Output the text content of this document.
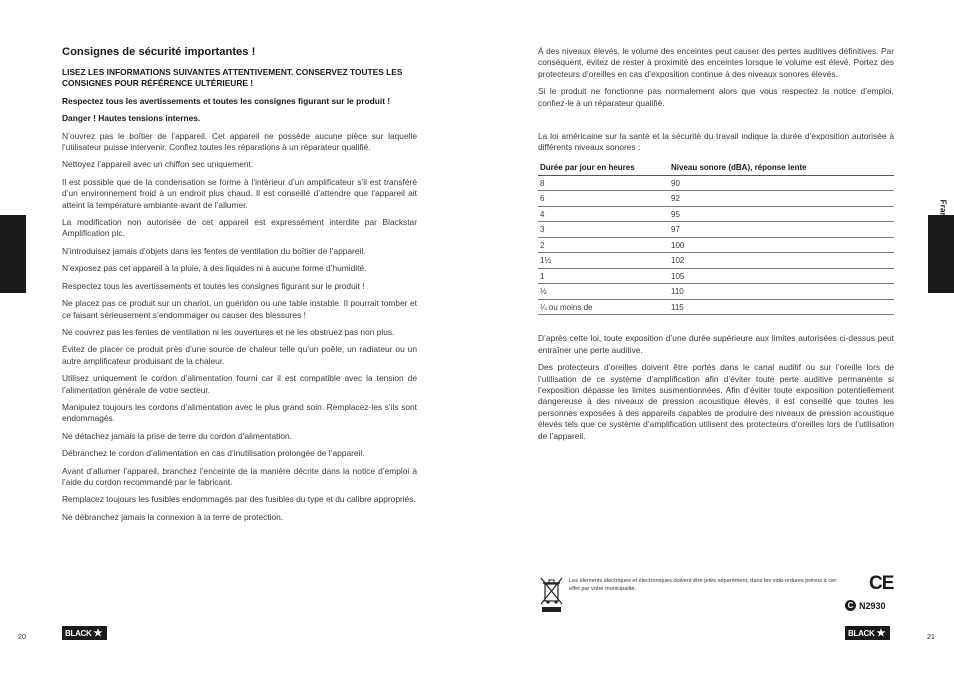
Français
Consignes de sécurité importantes !
LISEZ LES INFORMATIONS SUIVANTES ATTENTIVEMENT. CONSERVEZ TOUTES LES CONSIGNES POUR RÉFÉRENCE ULTÉRIEURE !
Respectez tous les avertissements et toutes les consignes figurant sur le produit !
Danger ! Hautes tensions internes.

N’ouvrez pas le boîtier de l’appareil. Cet appareil ne possède aucune pièce sur laquelle l’utilisateur puisse intervenir. Confiez toutes les réparations à un réparateur qualifié.

Nettoyez l’appareil avec un chiffon sec uniquement.

Il est possible que de la condensation se forme à l’intérieur d’un amplificateur s’il est transféré d’un environnement froid à un endroit plus chaud. Il est conseillé d’attendre que l’appareil ait atteint la température ambiante avant de l’allumer.

La modification non autorisée de cet appareil est expressément interdite par Blackstar Amplification plc.

N’introduisez jamais d’objets dans les fentes de ventilation du boîtier de l’appareil.

N’exposez pas cet appareil à la pluie, à des liquides ni à aucune forme d’humidité.

Respectez tous les avertissements et toutes les consignes figurant sur le produit !

Ne placez pas ce produit sur un chariot, un guéridon ou une table instable. Il pourrait tomber et ce faisant sérieusement s’endommager ou causer des blessures !

Ne couvrez pas les fentes de ventilation ni les ouvertures et ne les obstruez pas non plus.

Évitez de placer ce produit près d’une source de chaleur telle qu’un poêle, un radiateur ou un autre amplificateur produisant de la chaleur.

Utilisez uniquement le cordon d’alimentation fourni car il est compatible avec la tension de l’alimentation générale de votre secteur.

Manipulez toujours les cordons d’alimentation avec le plus grand soin. Remplacez-les s’ils sont endommagés.

Ne détachez jamais la prise de terre du cordon d’alimentation.

Débranchez le cordon d’alimentation en cas d’inutilisation prolongée de l’appareil.

Avant d’allumer l’appareil, branchez l’enceinte de la manière décrite dans la notice d’emploi à l’aide du cordon recommandé par le fabricant.

Remplacez toujours les fusibles endommagés par des fusibles du type et du calibre appropriés.

Ne débranchez jamais la connexion à la terre de protection.

20	BLACK ★
Français

À des niveaux élevés, le volume des enceintes peut causer des pertes auditives définitives. Par conséquent, évitez de rester à proximité des enceintes lorsque le volume est élevé. Portez des protecteurs d’oreilles en cas d’exposition continue à des niveaux sonores élevés.

Si le produit ne fonctionne pas normalement alors que vous respectez la notice d’emploi, confiez-le à un réparateur qualifié.

La loi américaine sur la santé et la sécurité du travail indique la durée d’exposition autorisée à différents niveaux sonores :

Durée par jour en heures	Niveau sonore (dBA), réponse lente
8	90
6	92
4	95
3	97
2	100
1½	102
1	105
½	110
¼ ou moins de	115

D’après cette loi, toute exposition d’une durée supérieure aux limites autorisées ci-dessus peut entraîner une perte auditive.

Des protecteurs d’oreilles doivent être portés dans le canal auditif ou sur l’oreille lors de l’utilisation de ce système d’amplification afin d’éviter toute perte auditive permanente si l’exposition dépasse les limites susmentionnées. Afin d’éviter toute exposition potentiellement dangereuse à des niveaux de pression acoustique élevés, il est conseillé que toutes les personnes exposées à des appareils capables de produire des niveaux de pression acoustique élevés tels que ce système d’amplification utilisent des protecteurs d’oreilles lors de l’utilisation de l’appareil.

Les éléments électriques et électroniques doivent être jetés séparément, dans les vide-ordures prévus à cet effet par votre municipalité.	CE
C N2930
BLACK ★	21
